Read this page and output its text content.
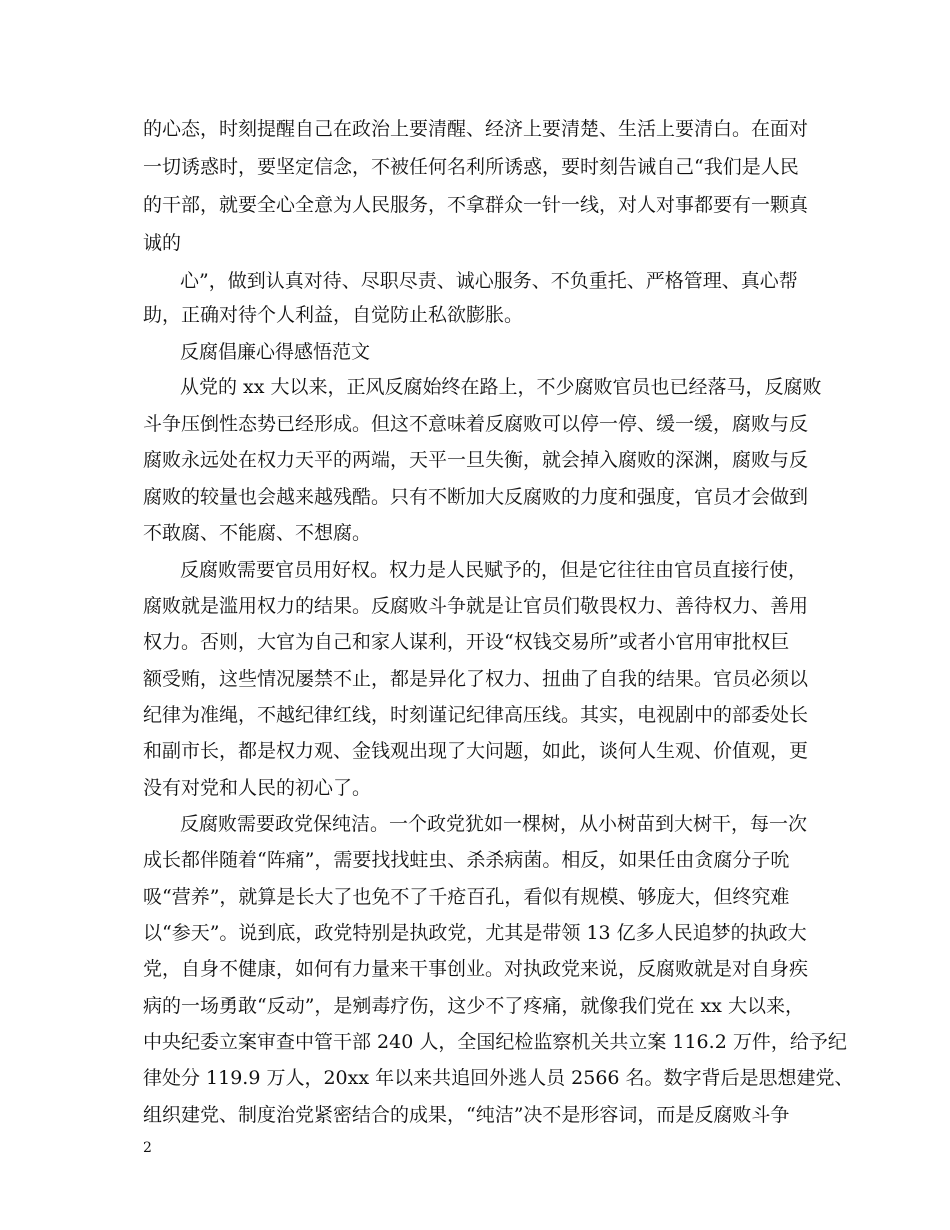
的心态，时刻提醒自己在政治上要清醒、经济上要清楚、生活上要清白。在面对
一切诱惑时，要坚定信念，不被任何名利所诱惑，要时刻告诫自己“我们是人民
的干部，就要全心全意为人民服务，不拿群众一针一线，对人对事都要有一颗真
诚的
心”，做到认真对待、尽职尽责、诚心服务、不负重托、严格管理、真心帮
助，正确对待个人利益，自觉防止私欲膨胀。
反腐倡廉心得感悟范文
从党的 xx 大以来，正风反腐始终在路上，不少腐败官员也已经落马，反腐败
斗争压倒性态势已经形成。但这不意味着反腐败可以停一停、缓一缓，腐败与反
腐败永远处在权力天平的两端，天平一旦失衡，就会掉入腐败的深渊，腐败与反
腐败的较量也会越来越残酷。只有不断加大反腐败的力度和强度，官员才会做到
不敢腐、不能腐、不想腐。
反腐败需要官员用好权。权力是人民赋予的，但是它往往由官员直接行使，
腐败就是滥用权力的结果。反腐败斗争就是让官员们敬畏权力、善待权力、善用
权力。否则，大官为自己和家人谋利，开设“权钱交易所”或者小官用审批权巨
额受贿，这些情况屡禁不止，都是异化了权力、扭曲了自我的结果。官员必须以
纪律为准绳，不越纪律红线，时刻谨记纪律高压线。其实，电视剧中的部委处长
和副市长，都是权力观、金钱观出现了大问题，如此，谈何人生观、价值观，更
没有对党和人民的初心了。
反腐败需要政党保纯洁。一个政党犹如一棵树，从小树苗到大树干，每一次
成长都伴随着“阵痛”，需要找找蛀虫、杀杀病菌。相反，如果任由贪腐分子吮
吸“营养”，就算是长大了也免不了千疮百孔，看似有规模、够庞大，但终究难
以“参天”。说到底，政党特别是执政党，尤其是带领 13 亿多人民追梦的执政大
党，自身不健康，如何有力量来干事创业。对执政党来说，反腐败就是对自身疾
病的一场勇敢“反动”，是剜毒疗伤，这少不了疼痛，就像我们党在 xx 大以来，
中央纪委立案审查中管干部 240 人，全国纪检监察机关共立案 116.2 万件，给予纪
律处分 119.9 万人，20xx 年以来共追回外逃人员 2566 名。数字背后是思想建党、
组织建党、制度治党紧密结合的成果，“纯洁”决不是形容词，而是反腐败斗争
2
